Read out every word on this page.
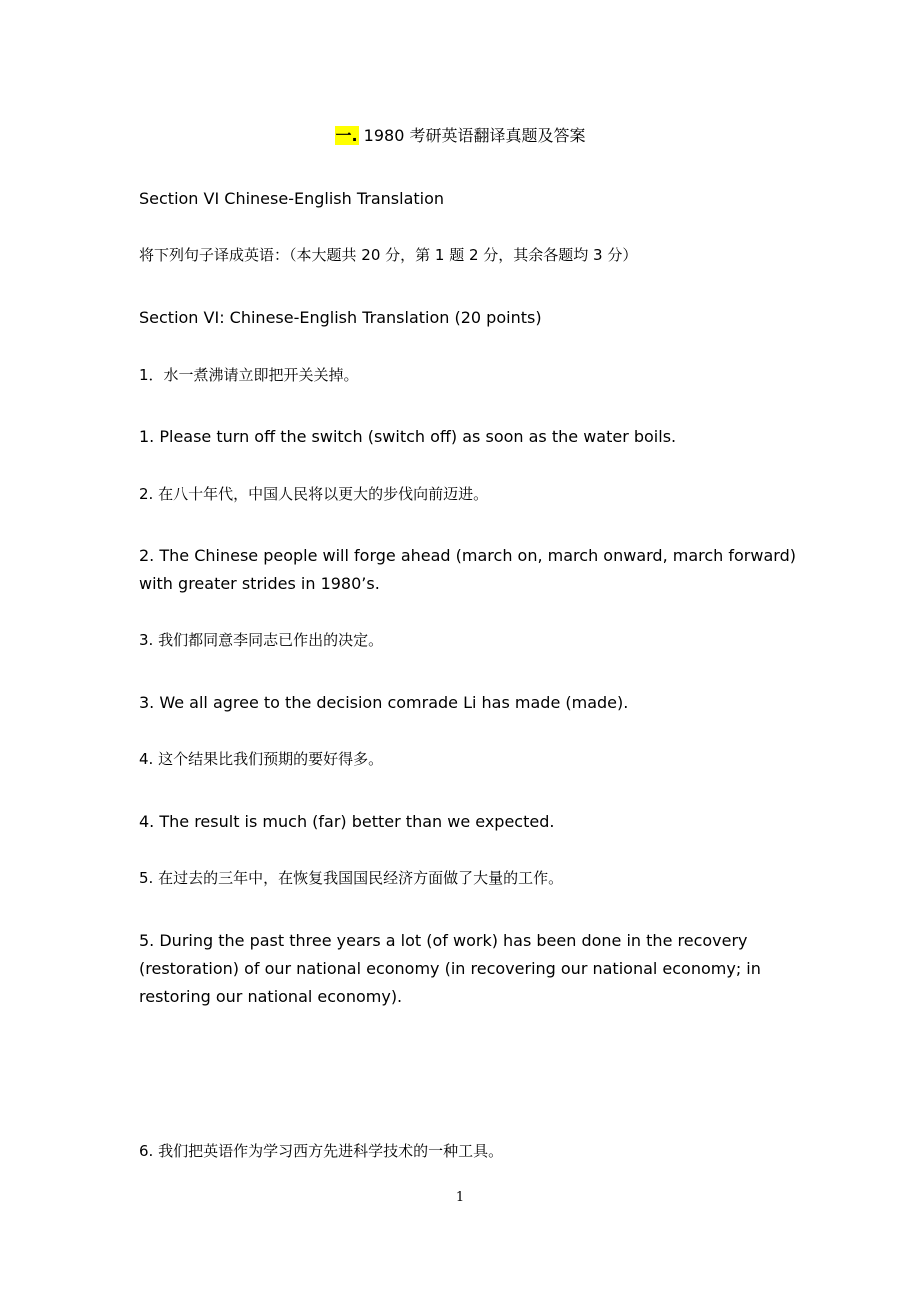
一. 1980 考研英语翻译真题及答案
Section VI Chinese-English Translation
将下列句子译成英语：（本大题共 20 分，第 1 题 2 分，其余各题均 3 分）
Section VI: Chinese-English Translation (20 points)
1．水一煮沸请立即把开关关掉。
1. Please turn off the switch (switch off) as soon as the water boils.
2. 在八十年代，中国人民将以更大的步伐向前迈进。
2. The Chinese people will forge ahead (march on, march onward, march forward) with greater strides in 1980’s.
3. 我们都同意李同志已作出的决定。
3. We all agree to the decision comrade Li has made (made).
4. 这个结果比我们预期的要好得多。
4. The result is much (far) better than we expected.
5. 在过去的三年中，在恢复我国国民经济方面做了大量的工作。
5. During the past three years a lot (of work) has been done in the recovery (restoration) of our national economy (in recovering our national economy; in restoring our national economy).
6. 我们把英语作为学习西方先进科学技术的一种工具。
1
